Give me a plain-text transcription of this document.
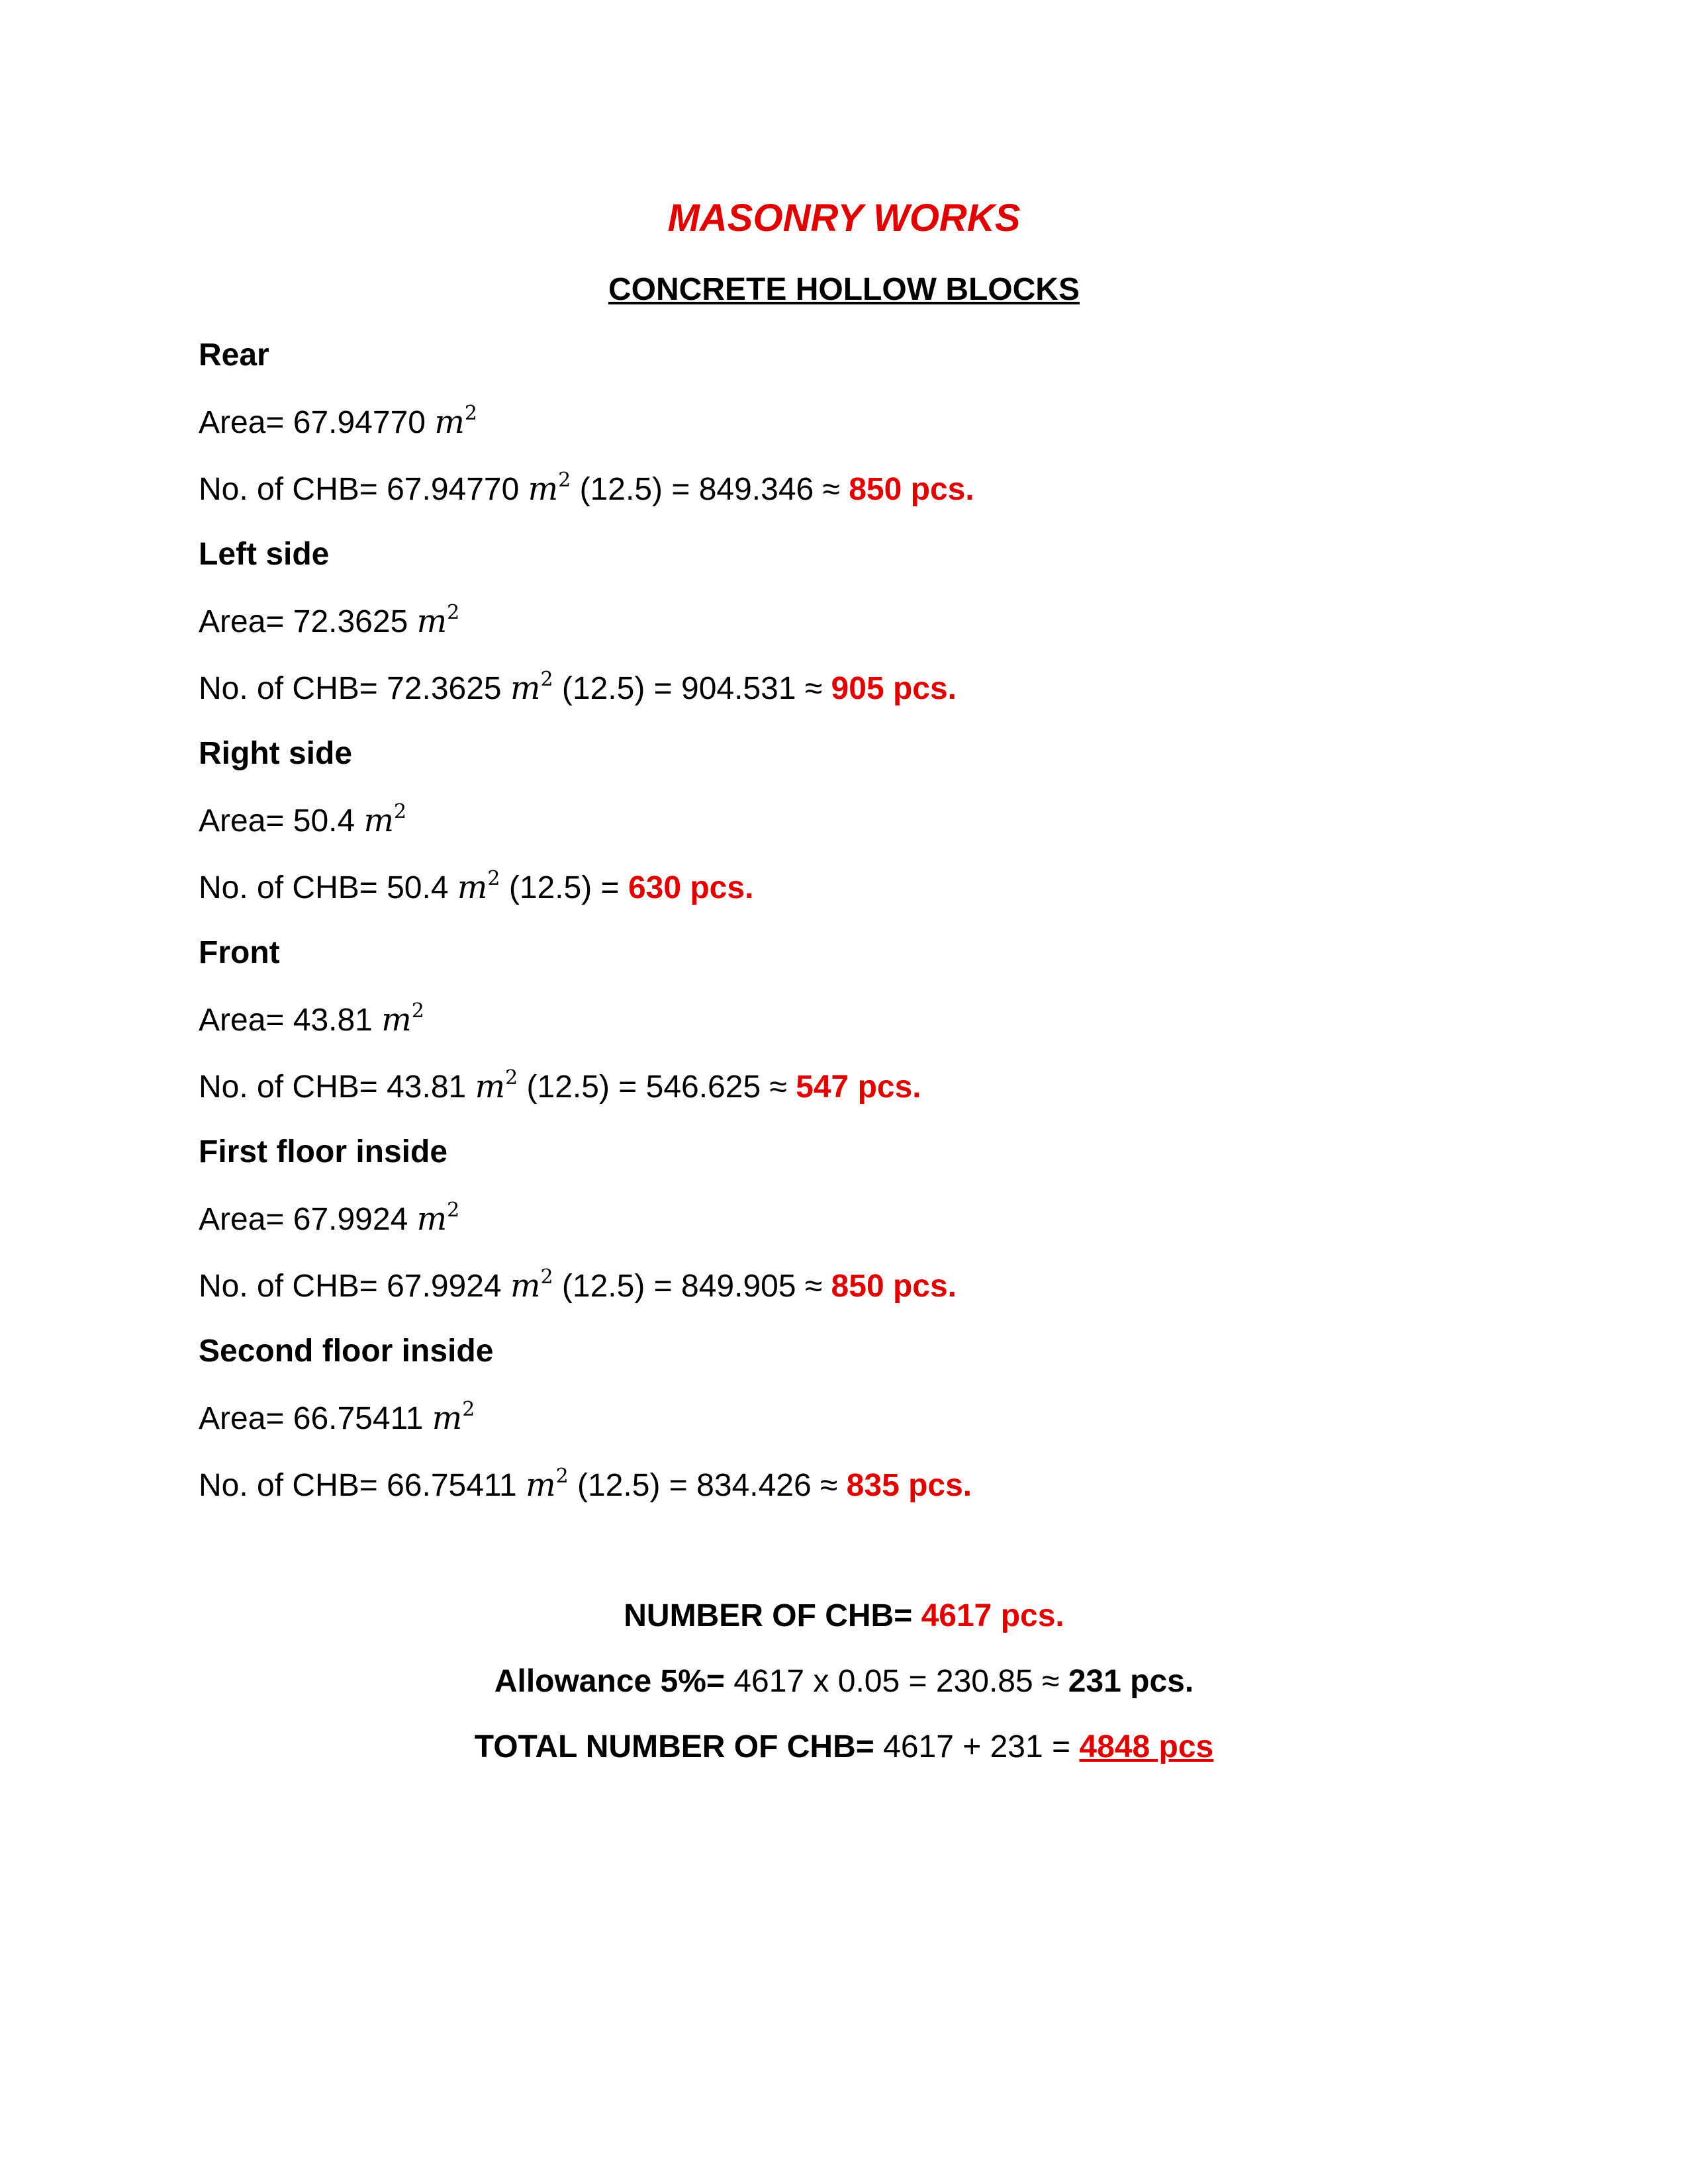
MASONRY WORKS
CONCRETE HOLLOW BLOCKS
Rear
Area= 67.94770 $m^2$
No. of CHB= 67.94770 $m^2$ (12.5) = 849.346 ≈ 850 pcs.
Left side
Area= 72.3625 $m^2$
No. of CHB= 72.3625 $m^2$ (12.5) = 904.531 ≈ 905 pcs.
Right side
Area= 50.4 $m^2$
No. of CHB= 50.4 $m^2$ (12.5) = 630 pcs.
Front
Area= 43.81 $m^2$
No. of CHB= 43.81 $m^2$ (12.5) = 546.625 ≈ 547 pcs.
First floor inside
Area= 67.9924 $m^2$
No. of CHB= 67.9924 $m^2$ (12.5) = 849.905 ≈ 850 pcs.
Second floor inside
Area= 66.75411 $m^2$
No. of CHB= 66.75411 $m^2$ (12.5) = 834.426 ≈ 835 pcs.
NUMBER OF CHB= 4617 pcs.
Allowance 5%= 4617 x 0.05 = 230.85 ≈ 231 pcs.
TOTAL NUMBER OF CHB= 4617 + 231 = 4848 pcs
